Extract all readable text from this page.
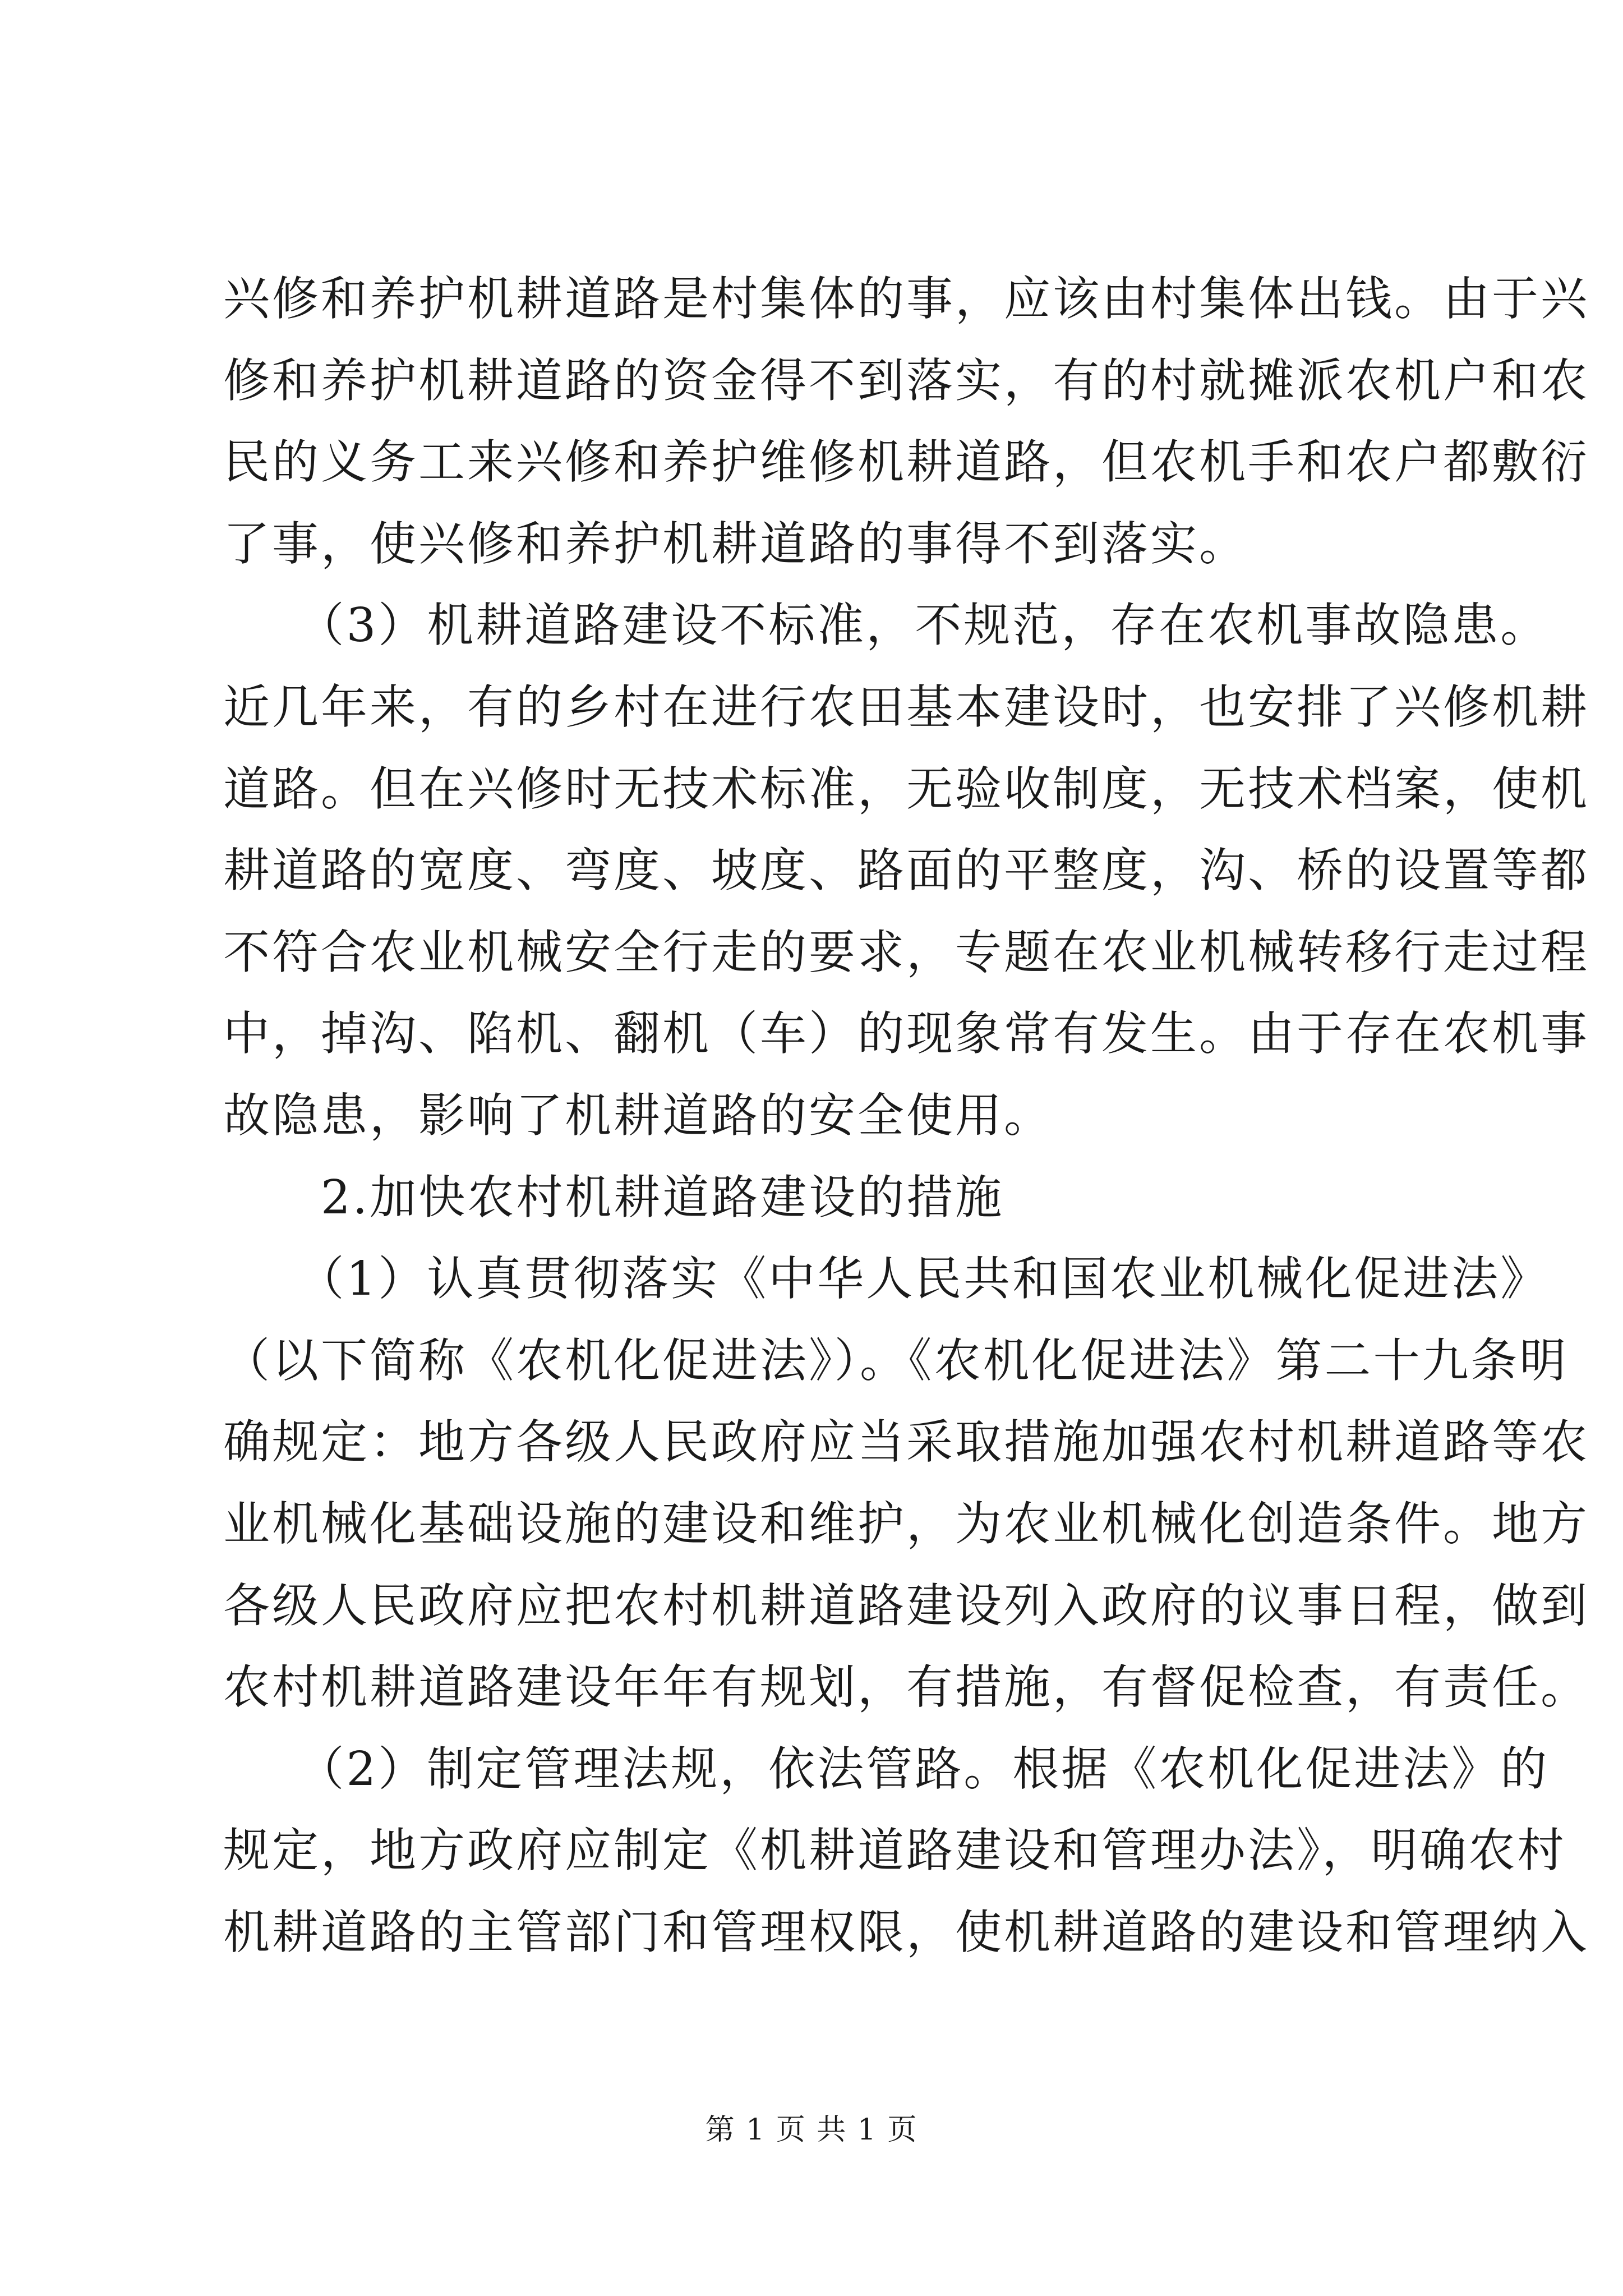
兴修和养护机耕道路是村集体的事，应该由村集体出钱。由于兴
修和养护机耕道路的资金得不到落实，有的村就摊派农机户和农
民的义务工来兴修和养护维修机耕道路，但农机手和农户都敷衍
了事，使兴修和养护机耕道路的事得不到落实。
　　（3）机耕道路建设不标准，不规范，存在农机事故隐患。
近几年来，有的乡村在进行农田基本建设时，也安排了兴修机耕
道路。但在兴修时无技术标准，无验收制度，无技术档案，使机
耕道路的宽度、弯度、坡度、路面的平整度，沟、桥的设置等都
不符合农业机械安全行走的要求，专题在农业机械转移行走过程
中，掉沟、陷机、翻机（车）的现象常有发生。由于存在农机事
故隐患，影响了机耕道路的安全使用。
　　2.加快农村机耕道路建设的措施
　　（1）认真贯彻落实《中华人民共和国农业机械化促进法》
（以下简称《农机化促进法》）。《农机化促进法》第二十九条明
确规定：地方各级人民政府应当采取措施加强农村机耕道路等农
业机械化基础设施的建设和维护，为农业机械化创造条件。地方
各级人民政府应把农村机耕道路建设列入政府的议事日程，做到
农村机耕道路建设年年有规划，有措施，有督促检查，有责任。
　　（2）制定管理法规，依法管路。根据《农机化促进法》的
规定，地方政府应制定《机耕道路建设和管理办法》，明确农村
机耕道路的主管部门和管理权限，使机耕道路的建设和管理纳入
第 1 页 共 1 页
